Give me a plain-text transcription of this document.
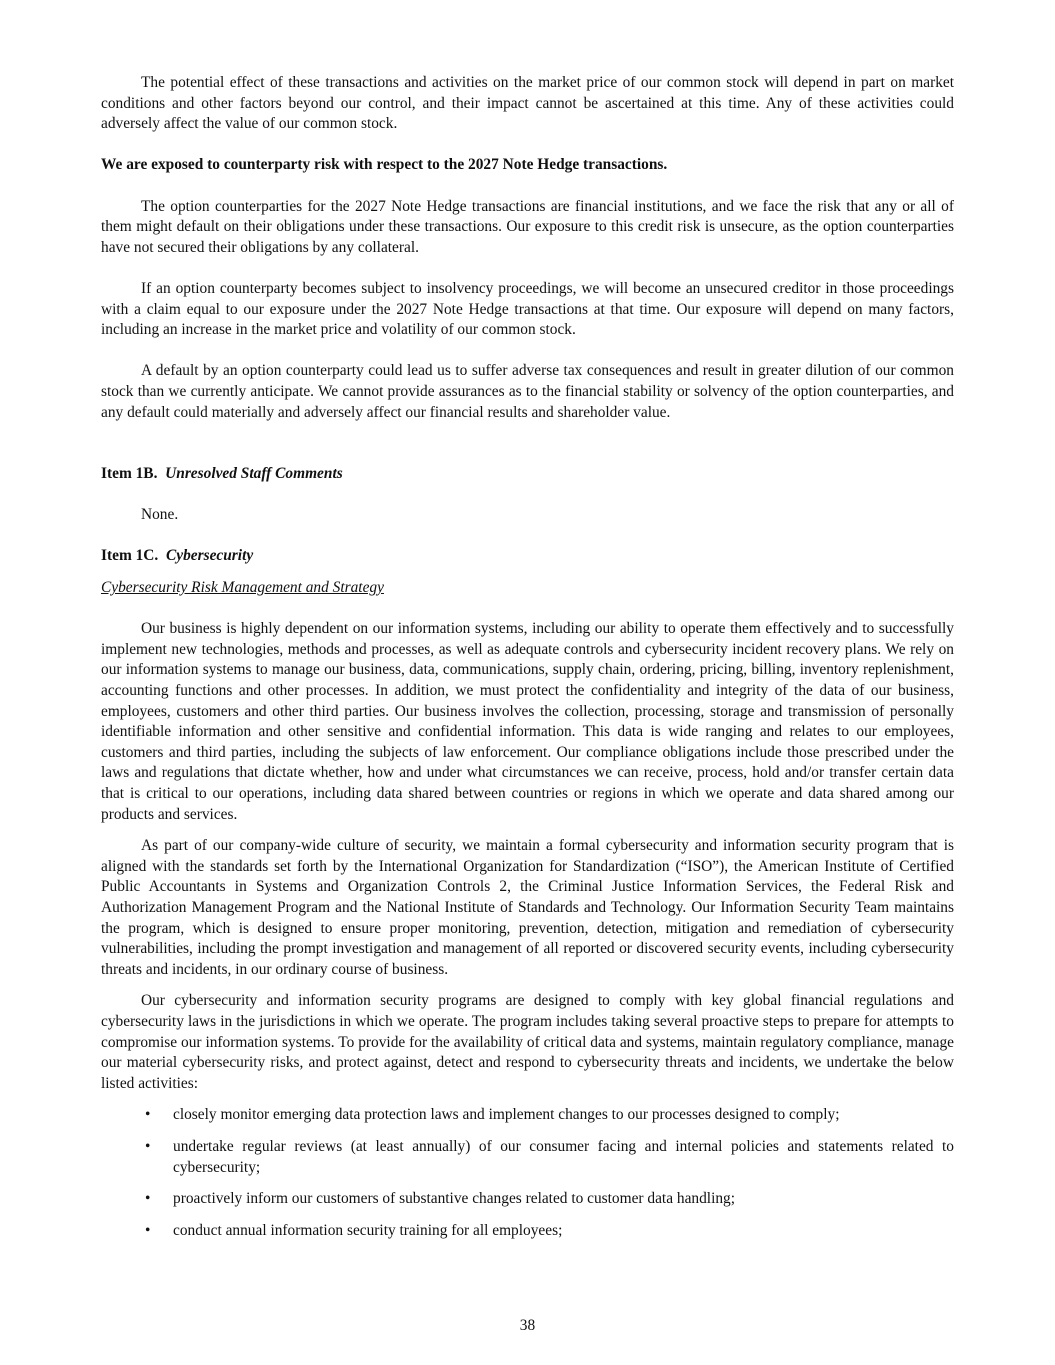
The potential effect of these transactions and activities on the market price of our common stock will depend in part on market conditions and other factors beyond our control, and their impact cannot be ascertained at this time. Any of these activities could adversely affect the value of our common stock.

We are exposed to counterparty risk with respect to the 2027 Note Hedge transactions.

The option counterparties for the 2027 Note Hedge transactions are financial institutions, and we face the risk that any or all of them might default on their obligations under these transactions. Our exposure to this credit risk is unsecure, as the option counterparties have not secured their obligations by any collateral.

If an option counterparty becomes subject to insolvency proceedings, we will become an unsecured creditor in those proceedings with a claim equal to our exposure under the 2027 Note Hedge transactions at that time. Our exposure will depend on many factors, including an increase in the market price and volatility of our common stock.

A default by an option counterparty could lead us to suffer adverse tax consequences and result in greater dilution of our common stock than we currently anticipate. We cannot provide assurances as to the financial stability or solvency of the option counterparties, and any default could materially and adversely affect our financial results and shareholder value.

Item 1B. Unresolved Staff Comments

None.

Item 1C. Cybersecurity

Cybersecurity Risk Management and Strategy

Our business is highly dependent on our information systems, including our ability to operate them effectively and to successfully implement new technologies, methods and processes, as well as adequate controls and cybersecurity incident recovery plans. We rely on our information systems to manage our business, data, communications, supply chain, ordering, pricing, billing, inventory replenishment, accounting functions and other processes. In addition, we must protect the confidentiality and integrity of the data of our business, employees, customers and other third parties. Our business involves the collection, processing, storage and transmission of personally identifiable information and other sensitive and confidential information. This data is wide ranging and relates to our employees, customers and third parties, including the subjects of law enforcement. Our compliance obligations include those prescribed under the laws and regulations that dictate whether, how and under what circumstances we can receive, process, hold and/or transfer certain data that is critical to our operations, including data shared between countries or regions in which we operate and data shared among our products and services.

As part of our company-wide culture of security, we maintain a formal cybersecurity and information security program that is aligned with the standards set forth by the International Organization for Standardization (“ISO”), the American Institute of Certified Public Accountants in Systems and Organization Controls 2, the Criminal Justice Information Services, the Federal Risk and Authorization Management Program and the National Institute of Standards and Technology. Our Information Security Team maintains the program, which is designed to ensure proper monitoring, prevention, detection, mitigation and remediation of cybersecurity vulnerabilities, including the prompt investigation and management of all reported or discovered security events, including cybersecurity threats and incidents, in our ordinary course of business.

Our cybersecurity and information security programs are designed to comply with key global financial regulations and cybersecurity laws in the jurisdictions in which we operate. The program includes taking several proactive steps to prepare for attempts to compromise our information systems. To provide for the availability of critical data and systems, maintain regulatory compliance, manage our material cybersecurity risks, and protect against, detect and respond to cybersecurity threats and incidents, we undertake the below listed activities:

• closely monitor emerging data protection laws and implement changes to our processes designed to comply;
• undertake regular reviews (at least annually) of our consumer facing and internal policies and statements related to cybersecurity;
• proactively inform our customers of substantive changes related to customer data handling;
• conduct annual information security training for all employees;
38
